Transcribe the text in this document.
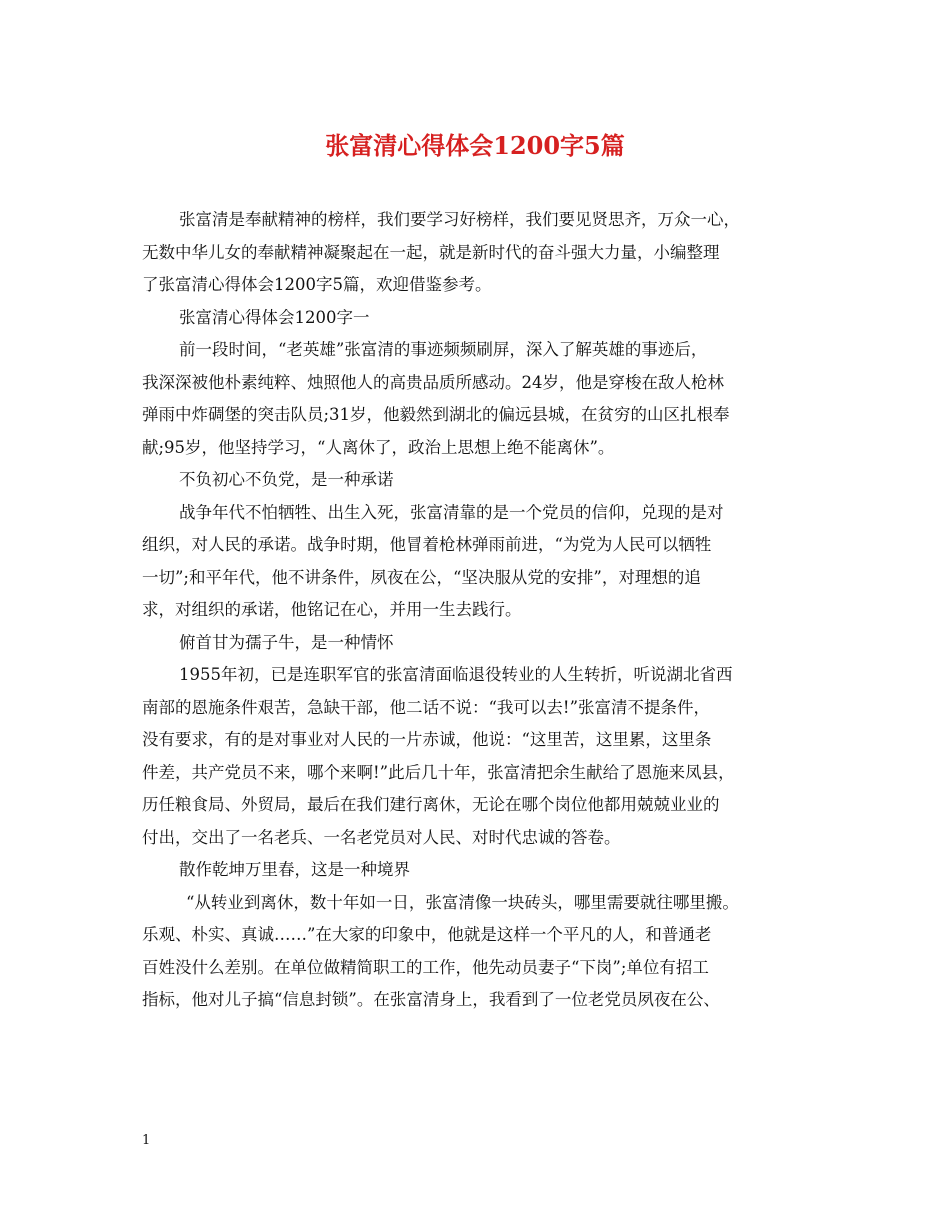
张富清心得体会1200字5篇
张富清是奉献精神的榜样，我们要学习好榜样，我们要见贤思齐，万众一心，
无数中华儿女的奉献精神凝聚起在一起，就是新时代的奋斗强大力量，小编整理
了张富清心得体会1200字5篇，欢迎借鉴参考。
张富清心得体会1200字一
前一段时间，“老英雄”张富清的事迹频频刷屏，深入了解英雄的事迹后，
我深深被他朴素纯粹、烛照他人的高贵品质所感动。24岁，他是穿梭在敌人枪林
弹雨中炸碉堡的突击队员;31岁，他毅然到湖北的偏远县城，在贫穷的山区扎根奉
献;95岁，他坚持学习，“人离休了，政治上思想上绝不能离休”。
不负初心不负党，是一种承诺
战争年代不怕牺牲、出生入死，张富清靠的是一个党员的信仰，兑现的是对
组织，对人民的承诺。战争时期，他冒着枪林弹雨前进，“为党为人民可以牺牲
一切”;和平年代，他不讲条件，夙夜在公，“坚决服从党的安排”，对理想的追
求，对组织的承诺，他铭记在心，并用一生去践行。
俯首甘为孺子牛，是一种情怀
1955年初，已是连职军官的张富清面临退役转业的人生转折，听说湖北省西
南部的恩施条件艰苦，急缺干部，他二话不说：“我可以去!”张富清不提条件，
没有要求，有的是对事业对人民的一片赤诚，他说：“这里苦，这里累，这里条
件差，共产党员不来，哪个来啊!”此后几十年，张富清把余生献给了恩施来凤县，
历任粮食局、外贸局，最后在我们建行离休，无论在哪个岗位他都用兢兢业业的
付出，交出了一名老兵、一名老党员对人民、对时代忠诚的答卷。
散作乾坤万里春，这是一种境界
“从转业到离休，数十年如一日，张富清像一块砖头，哪里需要就往哪里搬。
乐观、朴实、真诚……”在大家的印象中，他就是这样一个平凡的人，和普通老
百姓没什么差别。在单位做精简职工的工作，他先动员妻子“下岗”;单位有招工
指标，他对儿子搞“信息封锁”。在张富清身上，我看到了一位老党员夙夜在公、
1
